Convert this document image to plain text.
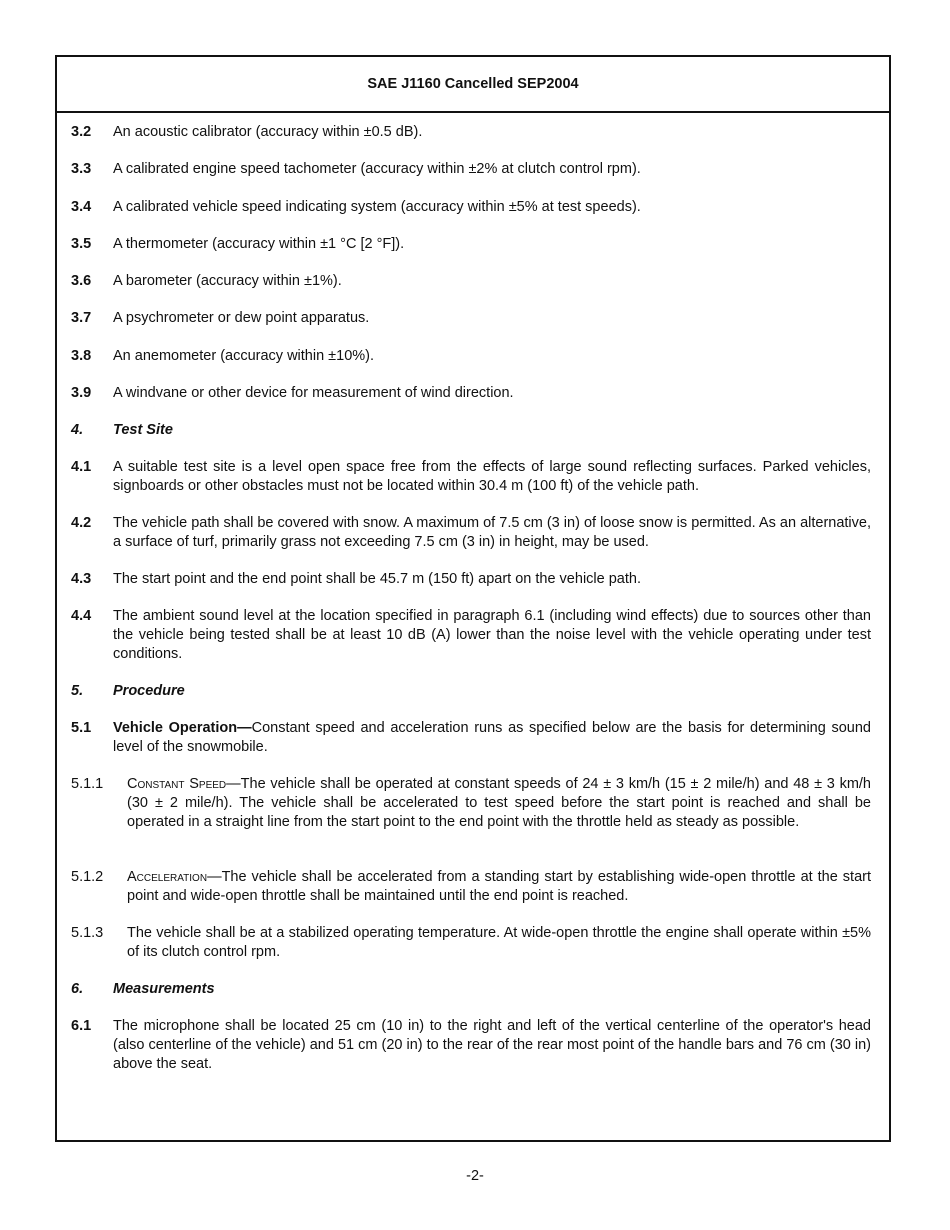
SAE J1160 Cancelled SEP2004
3.2 An acoustic calibrator (accuracy within ±0.5 dB).
3.3 A calibrated engine speed tachometer (accuracy within ±2% at clutch control rpm).
3.4 A calibrated vehicle speed indicating system (accuracy within ±5% at test speeds).
3.5 A thermometer (accuracy within ±1 °C [2 °F]).
3.6 A barometer (accuracy within ±1%).
3.7 A psychrometer or dew point apparatus.
3.8 An anemometer (accuracy within ±10%).
3.9 A windvane or other device for measurement of wind direction.
4. Test Site
4.1 A suitable test site is a level open space free from the effects of large sound reflecting surfaces. Parked vehicles, signboards or other obstacles must not be located within 30.4 m (100 ft) of the vehicle path.
4.2 The vehicle path shall be covered with snow. A maximum of 7.5 cm (3 in) of loose snow is permitted. As an alternative, a surface of turf, primarily grass not exceeding 7.5 cm (3 in) in height, may be used.
4.3 The start point and the end point shall be 45.7 m (150 ft) apart on the vehicle path.
4.4 The ambient sound level at the location specified in paragraph 6.1 (including wind effects) due to sources other than the vehicle being tested shall be at least 10 dB (A) lower than the noise level with the vehicle operating under test conditions.
5. Procedure
5.1 Vehicle Operation—Constant speed and acceleration runs as specified below are the basis for determining sound level of the snowmobile.
5.1.1 Constant Speed—The vehicle shall be operated at constant speeds of 24 ± 3 km/h (15 ± 2 mile/h) and 48 ± 3 km/h (30 ± 2 mile/h). The vehicle shall be accelerated to test speed before the start point is reached and shall be operated in a straight line from the start point to the end point with the throttle held as steady as possible.
5.1.2 Acceleration—The vehicle shall be accelerated from a standing start by establishing wide-open throttle at the start point and wide-open throttle shall be maintained until the end point is reached.
5.1.3 The vehicle shall be at a stabilized operating temperature. At wide-open throttle the engine shall operate within ±5% of its clutch control rpm.
6. Measurements
6.1 The microphone shall be located 25 cm (10 in) to the right and left of the vertical centerline of the operator's head (also centerline of the vehicle) and 51 cm (20 in) to the rear of the rear most point of the handle bars and 76 cm (30 in) above the seat.
-2-
